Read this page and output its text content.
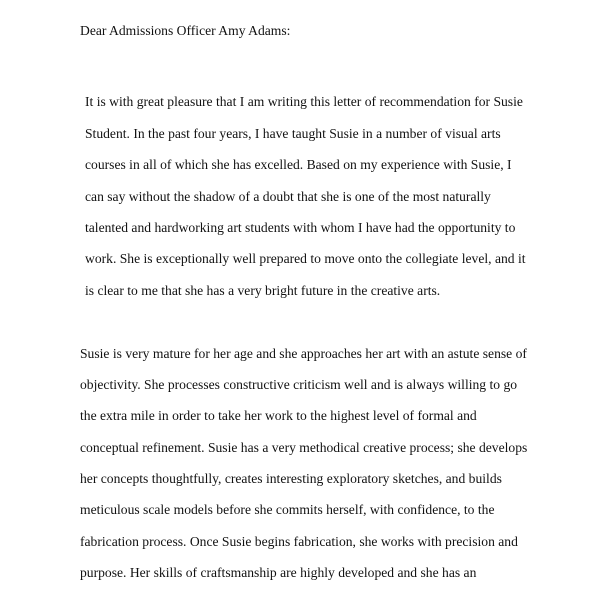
Dear Admissions Officer Amy Adams:
It is with great pleasure that I am writing this letter of recommendation for Susie
Student. In the past four years, I have taught Susie in a number of visual arts
courses in all of which she has excelled. Based on my experience with Susie, I
can say without the shadow of a doubt that she is one of the most naturally
talented and hardworking art students with whom I have had the opportunity to
work. She is exceptionally well prepared to move onto the collegiate level, and it
is clear to me that she has a very bright future in the creative arts.
Susie is very mature for her age and she approaches her art with an astute sense of
objectivity. She processes constructive criticism well and is always willing to go
the extra mile in order to take her work to the highest level of formal and
conceptual refinement. Susie has a very methodical creative process; she develops
her concepts thoughtfully, creates interesting exploratory sketches, and builds
meticulous scale models before she commits herself, with confidence, to the
fabrication process. Once Susie begins fabrication, she works with precision and
purpose. Her skills of craftsmanship are highly developed and she has an
